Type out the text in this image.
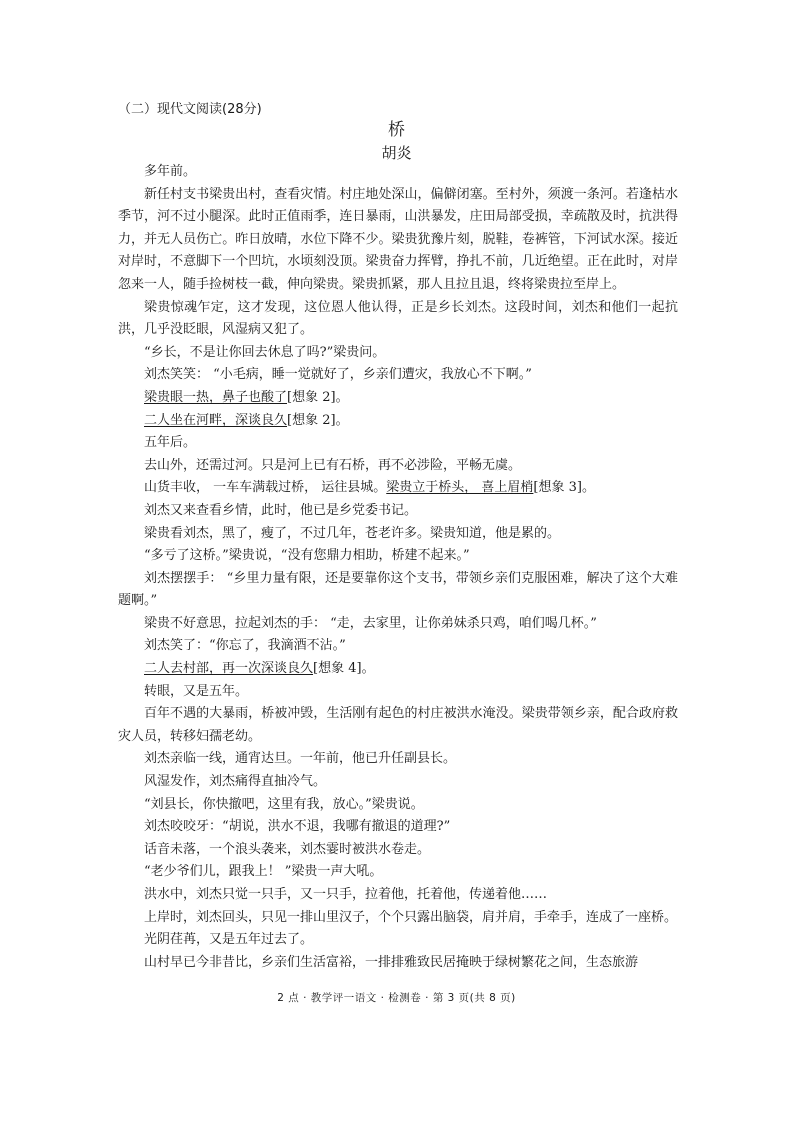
（二）现代文阅读(28分)
桥
胡炎

多年前。

新任村支书梁贵出村，查看灾情。村庄地处深山，偏僻闭塞。至村外，须渡一条河。若逢枯水季节，河不过小腿深。此时正值雨季，连日暴雨，山洪暴发，庄田局部受损，幸疏散及时，抗洪得力，并无人员伤亡。昨日放晴，水位下降不少。梁贵犹豫片刻，脱鞋，卷裤管，下河试水深。接近对岸时，不意脚下一个凹坑，水顷刻没顶。梁贵奋力挥臂，挣扎不前，几近绝望。正在此时，对岸忽来一人，随手捡树枝一截，伸向梁贵。梁贵抓紧，那人且拉且退，终将梁贵拉至岸上。

梁贵惊魂乍定，这才发现，这位恩人他认得，正是乡长刘杰。这段时间，刘杰和他们一起抗洪，几乎没眨眼，风湿病又犯了。

“乡长，不是让你回去休息了吗?”梁贵问。

刘杰笑笑： “小毛病，睡一觉就好了，乡亲们遭灾，我放心不下啊。”

梁贵眼一热，鼻子也酸了[想象 2]。

二人坐在河畔，深谈良久[想象 2]。

五年后。

去山外，还需过河。只是河上已有石桥，再不必涉险，平畅无虞。

山货丰收， 一车车满载过桥， 运往县城。梁贵立于桥头， 喜上眉梢[想象 3]。

刘杰又来查看乡情，此时，他已是乡党委书记。

梁贵看刘杰，黑了，瘦了，不过几年，苍老许多。梁贵知道，他是累的。

“多亏了这桥。”梁贵说，“没有您鼎力相助，桥建不起来。”

刘杰摆摆手： “乡里力量有限，还是要靠你这个支书，带领乡亲们克服困难，解决了这个大难题啊。”

梁贵不好意思，拉起刘杰的手： “走，去家里，让你弟妹杀只鸡，咱们喝几杯。”

刘杰笑了：“你忘了，我滴酒不沾。”

二人去村部，再一次深谈良久[想象 4]。

转眼，又是五年。

百年不遇的大暴雨，桥被冲毁，生活刚有起色的村庄被洪水淹没。梁贵带领乡亲，配合政府救灾人员，转移妇孺老幼。

刘杰亲临一线，通宵达旦。一年前，他已升任副县长。

风湿发作，刘杰痛得直抽冷气。

“刘县长，你快撤吧，这里有我，放心。”梁贵说。

刘杰咬咬牙：“胡说，洪水不退，我哪有撤退的道理?”

话音未落，一个浪头袭来，刘杰霎时被洪水卷走。

“老少爷们儿，跟我上！ ”梁贵一声大吼。

洪水中，刘杰只觉一只手，又一只手，拉着他，托着他，传递着他……

上岸时，刘杰回头，只见一排山里汉子，个个只露出脑袋，肩并肩，手牵手，连成了一座桥。

光阴荏苒，又是五年过去了。

山村早已今非昔比，乡亲们生活富裕，一排排雅致民居掩映于绿树繁花之间，生态旅游

2 点 · 教学评一语文 · 检测卷 · 第 3 页(共 8 页)
